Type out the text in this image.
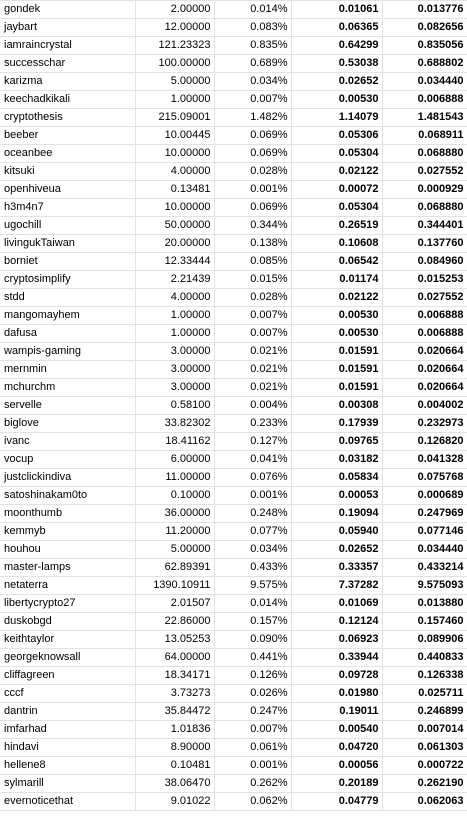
gondek	2.00000	0.014%	0.01061	0.013776
jaybart	12.00000	0.083%	0.06365	0.082656
iamraincrystal	121.23323	0.835%	0.64299	0.835056
successchar	100.00000	0.689%	0.53038	0.688802
karizma	5.00000	0.034%	0.02652	0.034440
keechadkikali	1.00000	0.007%	0.00530	0.006888
cryptothesis	215.09001	1.482%	1.14079	1.481543
beeber	10.00445	0.069%	0.05306	0.068911
oceanbee	10.00000	0.069%	0.05304	0.068880
kitsuki	4.00000	0.028%	0.02122	0.027552
openhiveua	0.13481	0.001%	0.00072	0.000929
h3m4n7	10.00000	0.069%	0.05304	0.068880
ugochill	50.00000	0.344%	0.26519	0.344401
livingukTaiwan	20.00000	0.138%	0.10608	0.137760
borniet	12.33444	0.085%	0.06542	0.084960
cryptosimplify	2.21439	0.015%	0.01174	0.015253
stdd	4.00000	0.028%	0.02122	0.027552
mangomayhem	1.00000	0.007%	0.00530	0.006888
dafusa	1.00000	0.007%	0.00530	0.006888
wampis-gaming	3.00000	0.021%	0.01591	0.020664
mernmin	3.00000	0.021%	0.01591	0.020664
mchurchm	3.00000	0.021%	0.01591	0.020664
servelle	0.58100	0.004%	0.00308	0.004002
biglove	33.82302	0.233%	0.17939	0.232973
ivanc	18.41162	0.127%	0.09765	0.126820
vocup	6.00000	0.041%	0.03182	0.041328
justclickindiva	11.00000	0.076%	0.05834	0.075768
satoshinakam0to	0.10000	0.001%	0.00053	0.000689
moonthumb	36.00000	0.248%	0.19094	0.247969
kemmyb	11.20000	0.077%	0.05940	0.077146
houhou	5.00000	0.034%	0.02652	0.034440
master-lamps	62.89391	0.433%	0.33357	0.433214
netaterra	1390.10911	9.575%	7.37282	9.575093
libertycrypto27	2.01507	0.014%	0.01069	0.013880
duskobgd	22.86000	0.157%	0.12124	0.157460
keithtaylor	13.05253	0.090%	0.06923	0.089906
georgeknowsall	64.00000	0.441%	0.33944	0.440833
cliffagreen	18.34171	0.126%	0.09728	0.126338
cccf	3.73273	0.026%	0.01980	0.025711
dantrin	35.84472	0.247%	0.19011	0.246899
imfarhad	1.01836	0.007%	0.00540	0.007014
hindavi	8.90000	0.061%	0.04720	0.061303
hellene8	0.10481	0.001%	0.00056	0.000722
sylmarill	38.06470	0.262%	0.20189	0.262190
evernoticethat	9.01022	0.062%	0.04779	0.062063
